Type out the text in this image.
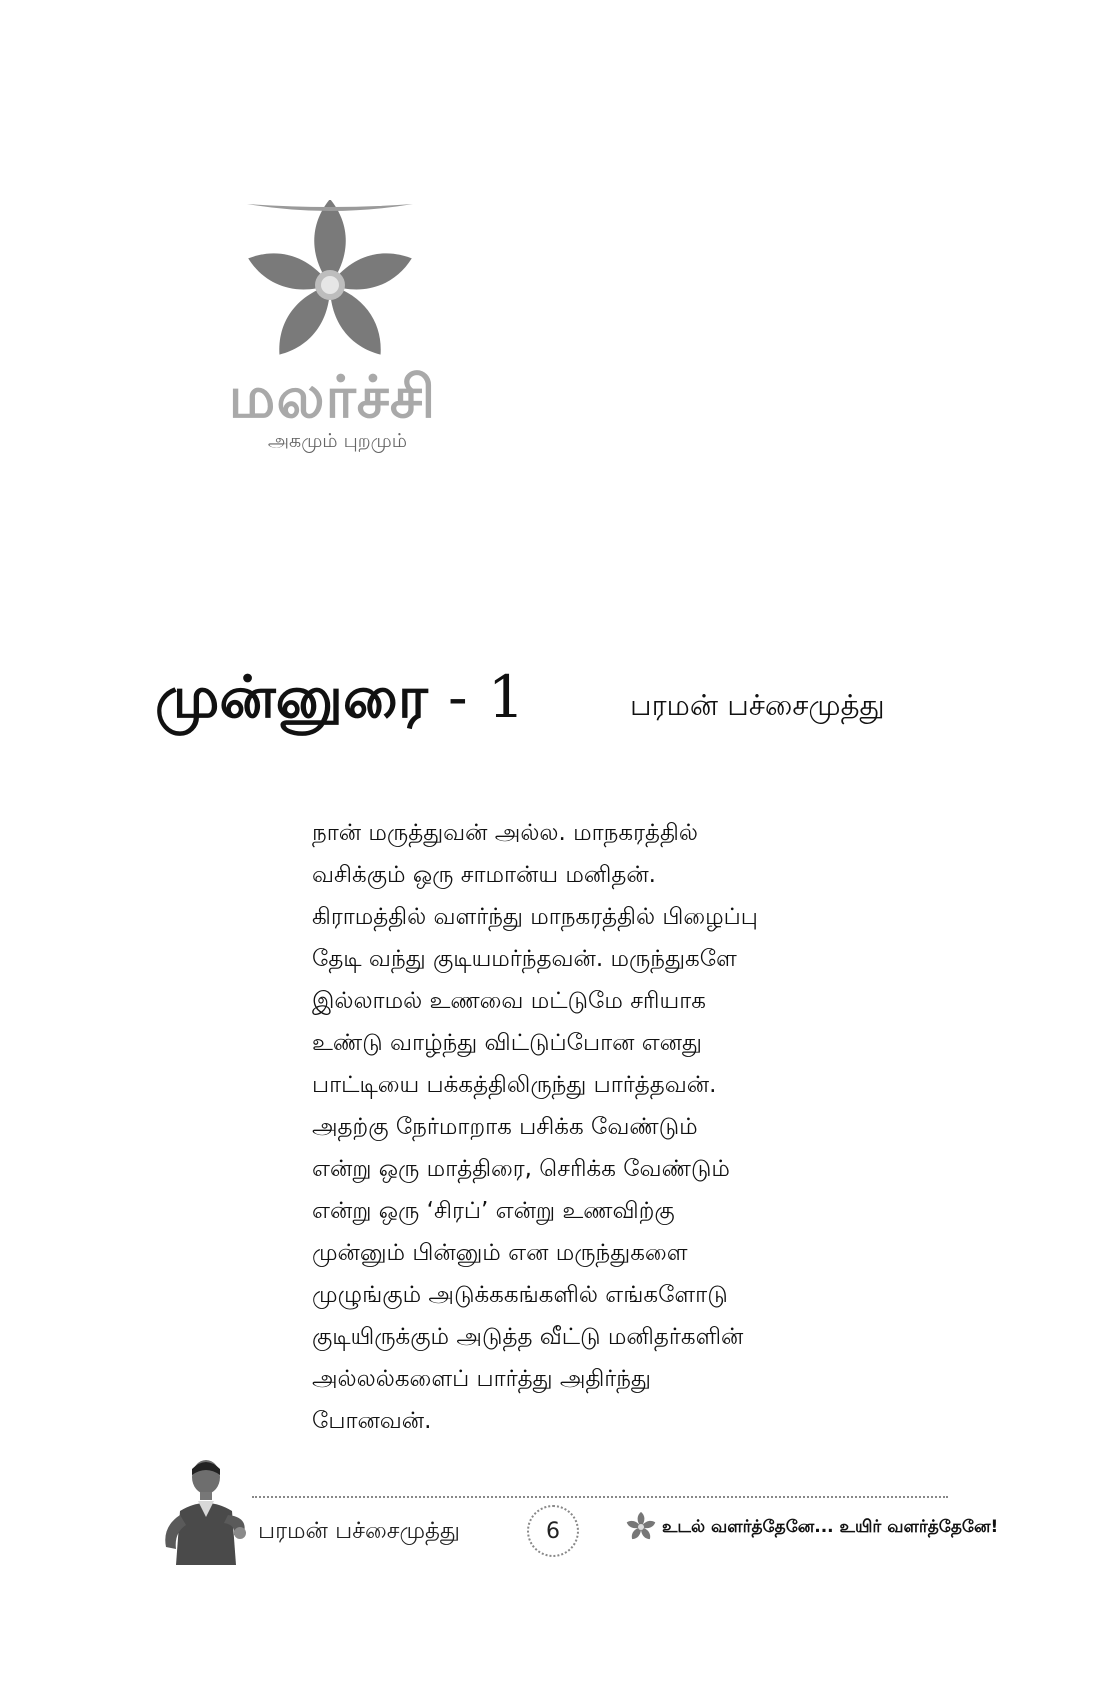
மலர்ச்சி
அகமும் புறமும்
முன்னுரை - 1	பரமன் பச்சைமுத்து
நான் மருத்துவன் அல்ல. மாநகரத்தில்
வசிக்கும் ஒரு சாமான்ய மனிதன்.
கிராமத்தில் வளர்ந்து மாநகரத்தில் பிழைப்பு
தேடி வந்து குடியமர்ந்தவன். மருந்துகளே
இல்லாமல் உணவை மட்டுமே சரியாக
உண்டு வாழ்ந்து விட்டுப்போன எனது
பாட்டியை பக்கத்திலிருந்து பார்த்தவன்.
அதற்கு நேர்மாறாக பசிக்க வேண்டும்
என்று ஒரு மாத்திரை, செரிக்க வேண்டும்
என்று ஒரு ‘சிரப்’ என்று உணவிற்கு
முன்னும் பின்னும் என மருந்துகளை
முழுங்கும் அடுக்ககங்களில் எங்களோடு
குடியிருக்கும் அடுத்த வீட்டு மனிதர்களின்
அல்லல்களைப் பார்த்து அதிர்ந்து
போனவன்.
பரமன் பச்சைமுத்து	6	உடல் வளர்த்தேனே... உயிர் வளர்த்தேனே!
